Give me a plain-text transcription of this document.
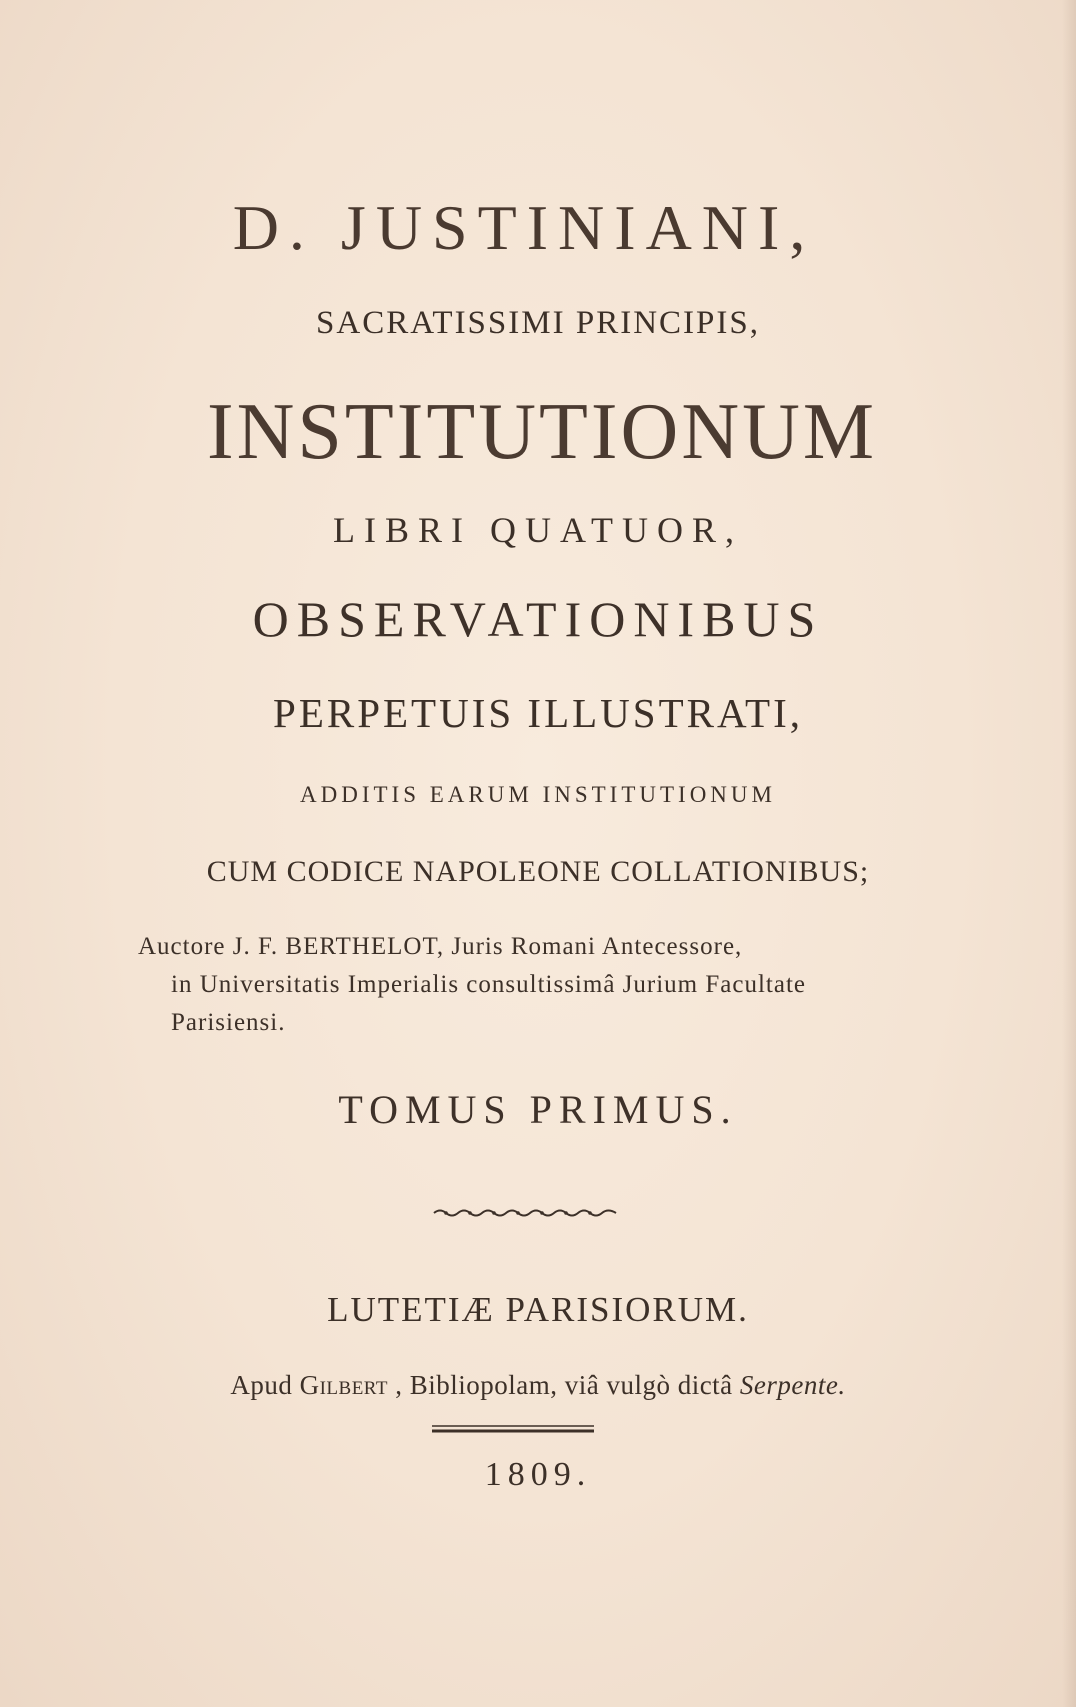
D. JUSTINIANI,
SACRATISSIMI PRINCIPIS,
INSTITUTIONUM
LIBRI QUATUOR,
OBSERVATIONIBUS
PERPETUIS ILLUSTRATI,
ADDITIS EARUM INSTITUTIONUM
CUM CODICE NAPOLEONE COLLATIONIBUS;
Auctore J. F. BERTHELOT, Juris Romani Antecessore,
in Universitatis Imperialis consultissimâ Jurium Facultate
Parisiensi.
TOMUS PRIMUS.
LUTETIÆ PARISIORUM.
Apud Gilbert , Bibliopolam, viâ vulgò dictâ Serpente.
1809.
